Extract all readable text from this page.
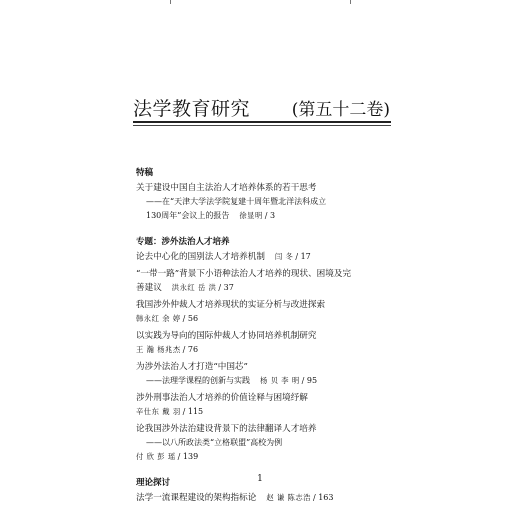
法学教育研究 (第五十二卷)
特稿
关于建设中国自主法治人才培养体系的若干思考
——在“天津大学法学院复建十周年暨北洋法科成立
130周年”会议上的报告 徐显明 / 3
专题：涉外法治人才培养
论去中心化的国别法人才培养机制 闫 冬 / 17
“一带一路”背景下小语种法治人才培养的现状、困境及完
善建议 洪永红 岳 洪 / 37
我国涉外仲裁人才培养现状的实证分析与改进探索
韩永红 余 婷 / 56
以实践为导向的国际仲裁人才协同培养机制研究
王 瀚 杨兆杰 / 76
为涉外法治人才打造“中国芯”
——法理学课程的创新与实践 杨 贝 李 明 / 95
涉外刑事法治人才培养的价值诠释与困境纾解
辛仕东 戴 羽 / 115
论我国涉外法治建设背景下的法律翻译人才培养
——以八所政法类“立格联盟”高校为例
付 欣 彭 瑶 / 139
理论探讨
法学一流课程建设的架构指标论 赵 谦 陈志浩 / 163
1
